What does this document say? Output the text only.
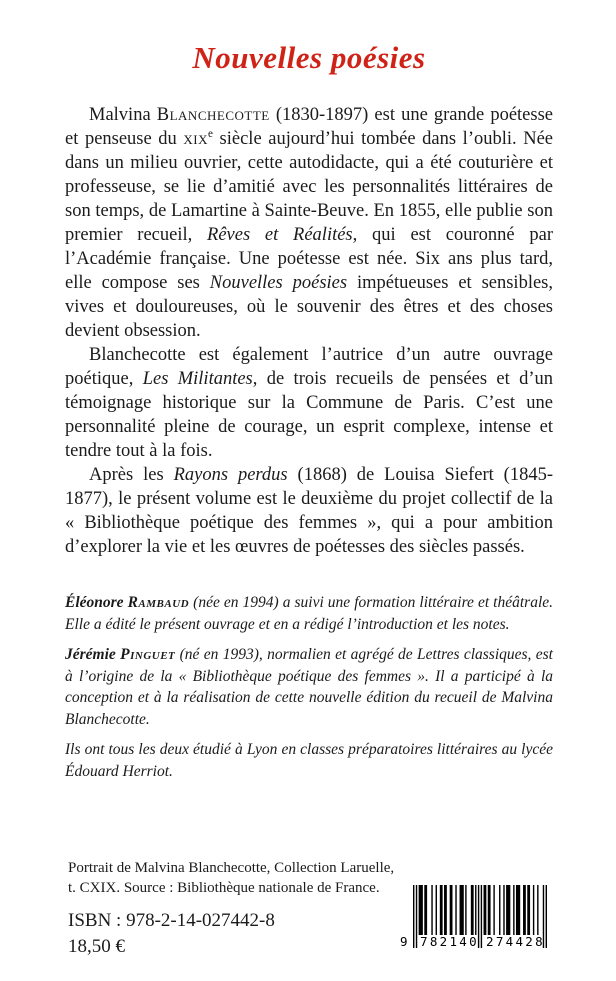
Nouvelles poésies

Malvina Blanchecotte (1830-1897) est une grande poétesse et penseuse du xix$^e$ siècle aujourd’hui tombée dans l’oubli. Née dans un milieu ouvrier, cette autodidacte, qui a été couturière et professeuse, se lie d’amitié avec les personnalités littéraires de son temps, de Lamartine à Sainte-Beuve. En 1855, elle publie son premier recueil, Rêves et Réalités, qui est couronné par l’Académie française. Une poétesse est née. Six ans plus tard, elle compose ses Nouvelles poésies impétueuses et sensibles, vives et douloureuses, où le souvenir des êtres et des choses devient obsession.

Blanchecotte est également l’autrice d’un autre ouvrage poétique, Les Militantes, de trois recueils de pensées et d’un témoignage historique sur la Commune de Paris. C’est une personnalité pleine de courage, un esprit complexe, intense et tendre tout à la fois.

Après les Rayons perdus (1868) de Louisa Siefert (1845-1877), le présent volume est le deuxième du projet collectif de la « Bibliothèque poétique des femmes », qui a pour ambition d’explorer la vie et les œuvres de poétesses des siècles passés.

Éléonore Rambaud (née en 1994) a suivi une formation littéraire et théâtrale. Elle a édité le présent ouvrage et en a rédigé l’introduction et les notes.

Jérémie Pinguet (né en 1993), normalien et agrégé de Lettres classiques, est à l’origine de la « Bibliothèque poétique des femmes ». Il a participé à la conception et à la réalisation de cette nouvelle édition du recueil de Malvina Blanchecotte.

Ils ont tous les deux étudié à Lyon en classes préparatoires littéraires au lycée Édouard Herriot.

Portrait de Malvina Blanchecotte, Collection Laruelle,
t. CXIX. Source : Bibliothèque nationale de France.
ISBN : 978-2-14-027442-8
18,50 €	9 782140 274428
